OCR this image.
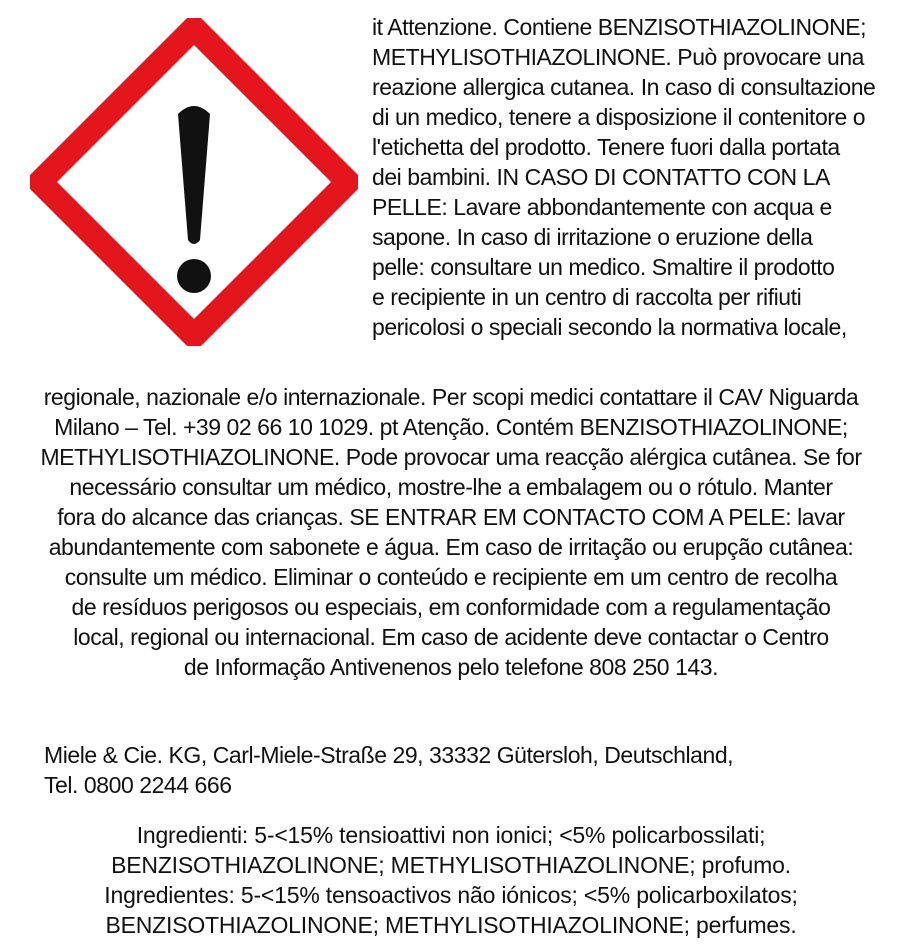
it Attenzione. Contiene BENZISOTHIAZOLINONE;
METHYLISOTHIAZOLINONE. Può provocare una
reazione allergica cutanea. In caso di consultazione
di un medico, tenere a disposizione il contenitore o
l'etichetta del prodotto. Tenere fuori dalla portata
dei bambini. IN CASO DI CONTATTO CON LA
PELLE: Lavare abbondantemente con acqua e
sapone. In caso di irritazione o eruzione della
pelle: consultare un medico. Smaltire il prodotto
e recipiente in un centro di raccolta per rifiuti
pericolosi o speciali secondo la normativa locale,
regionale, nazionale e/o internazionale. Per scopi medici contattare il CAV Niguarda
Milano – Tel. +39 02 66 10 1029. pt Atenção. Contém BENZISOTHIAZOLINONE;
METHYLISOTHIAZOLINONE. Pode provocar uma reacção alérgica cutânea. Se for
necessário consultar um médico, mostre-lhe a embalagem ou o rótulo. Manter
fora do alcance das crianças. SE ENTRAR EM CONTACTO COM A PELE: lavar
abundantemente com sabonete e água. Em caso de irritação ou erupção cutânea:
consulte um médico. Eliminar o conteúdo e recipiente em um centro de recolha
de resíduos perigosos ou especiais, em conformidade com a regulamentação
local, regional ou internacional. Em caso de acidente deve contactar o Centro
de Informação Antivenenos pelo telefone 808 250 143.
Miele & Cie. KG, Carl-Miele-Straße 29, 33332 Gütersloh, Deutschland,
Tel. 0800 2244 666
Ingredienti: 5-<15% tensioattivi non ionici; <5% policarbossilati;
BENZISOTHIAZOLINONE; METHYLISOTHIAZOLINONE; profumo.
Ingredientes: 5-<15% tensoactivos não iónicos; <5% policarboxilatos;
BENZISOTHIAZOLINONE; METHYLISOTHIAZOLINONE; perfumes.
